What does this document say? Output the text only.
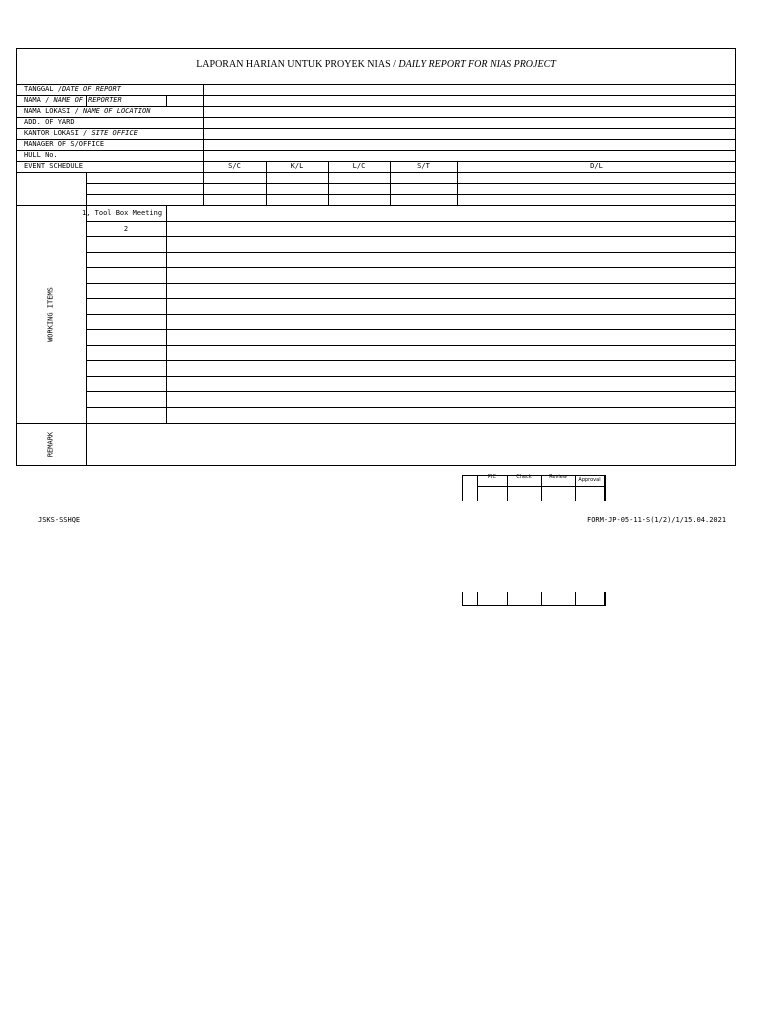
LAPORAN HARIAN UNTUK PROYEK NIAS / DAILY REPORT FOR NIAS PROJECT
TANGGAL /DATE OF REPORT
NAMA / NAME OF REPORTER
NAMA LOKASI / NAME OF LOCATION
ADD. OF YARD
KANTOR LOKASI / SITE OFFICE
MANAGER OF S/OFFICE
HULL No.
EVENT SCHEDULE	S/C	K/L	L/C	S/T	D/L
1, Tool Box Meeting
2
WORKING ITEMS
REMARK
PIC	Check	Review	Approval
JSKS-SSHQE	FORM-JP-05-11-S(1/2)/1/15.04.2021
